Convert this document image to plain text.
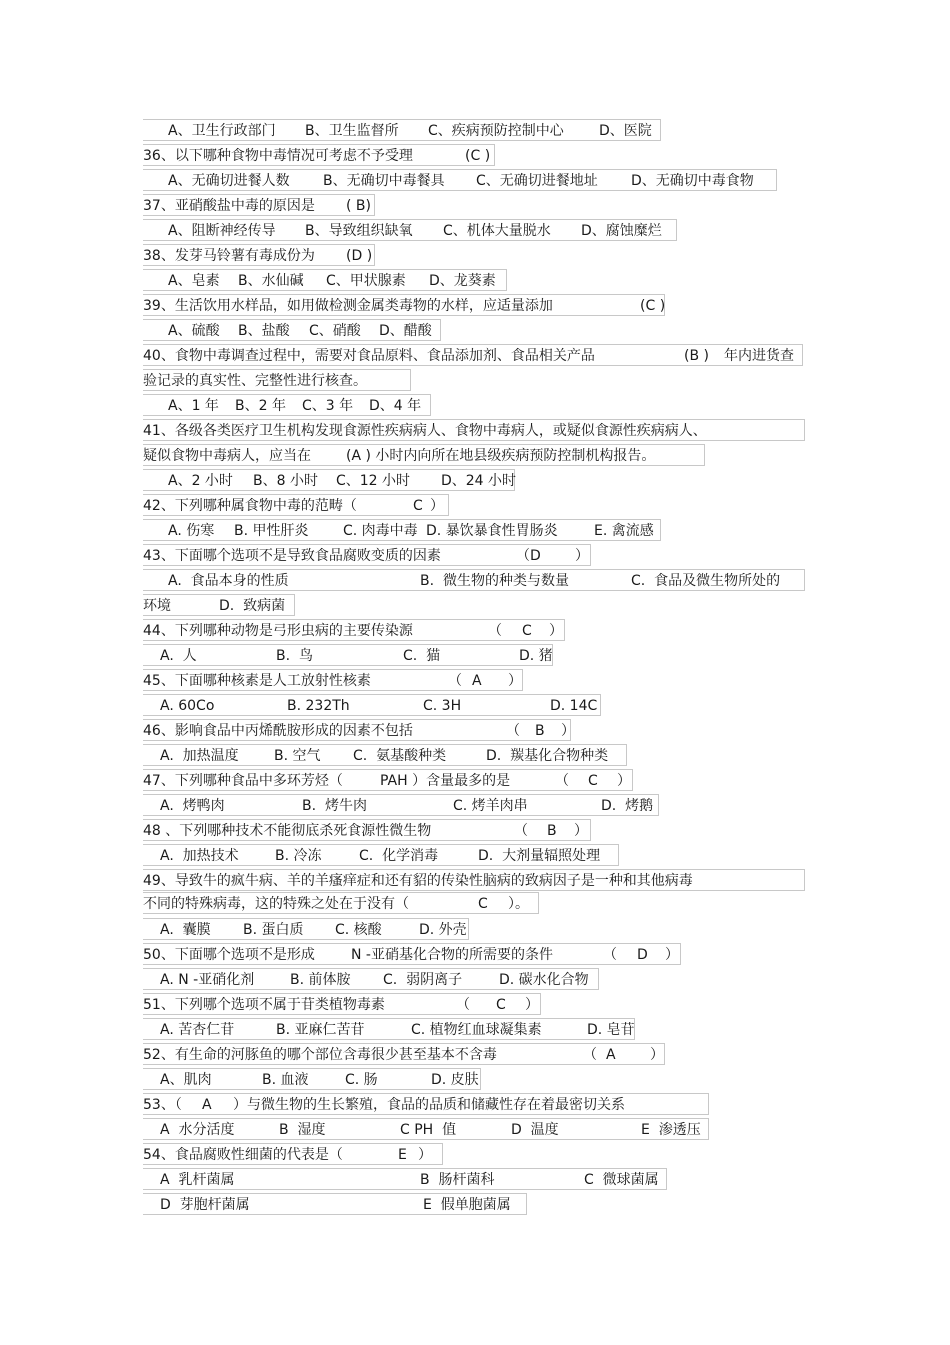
A、卫生行政部门 B、卫生监督所 C、疾病预防控制中心	D、医院
36、以下哪种食物中毒情况可考虑不予受理	(C )
A、无确切进餐人数 B、无确切中毒餐具 C、无确切进餐地址 D、无确切中毒食物
37、亚硝酸盐中毒的原因是 ( B)
A、阻断神经传导 B、导致组织缺氧 C、机体大量脱水 D、腐蚀糜烂
38、发芽马铃薯有毒成份为 (D )
A、皂素 B、水仙碱 C、甲状腺素 D、龙葵素
39、生活饮用水样品，如用做检测金属类毒物的水样，应适量添加	(C )
A、硫酸 B、盐酸 C、硝酸 D、醋酸
40、食物中毒调查过程中，需要对食品原料、食品添加剂、食品相关产品	(B ) 年内进货查
验记录的真实性、完整性进行核查。
A、1 年 B、2 年 C、3 年 D、4 年
41、各级各类医疗卫生机构发现食源性疾病病人、食物中毒病人，或疑似食源性疾病病人、
疑似食物中毒病人，应当在	(A ) 小时内向所在地县级疾病预防控制机构报告。
A、2 小时 B、8 小时 C、12 小时 D、24 小时
42、下列哪种属食物中毒的范畴（	C ）
A. 伤寒 B. 甲性肝炎 C. 肉毒中毒 D. 暴饮暴食性胃肠炎	E. 禽流感
43、下面哪个选项不是导致食品腐败变质的因素	（ D ）
A.  食品本身的性质	B.  微生物的种类与数量	C.  食品及微生物所处的
环境	D.  致病菌
44、下列哪种动物是弓形虫病的主要传染源	（ C ）
A.  人	B.  鸟	C.  猫	D. 猪
45、下面哪种核素是人工放射性核素	（ A ）
A. 60Co	B. 232Th	C. 3H	D. 14C
46、影响食品中丙烯酰胺形成的因素不包括	（ B ）
A.  加热温度	B. 空气 C.  氨基酸种类	D.  羰基化合物种类
47、下列哪种食品中多环芳烃（	PAH ）含量最多的是	（ C ）
A.  烤鸭肉	B.  烤牛肉	C. 烤羊肉串	D.  烤鹅
48 、下列哪种技术不能彻底杀死食源性微生物	（ B ）
A.  加热技术	B. 冷冻	C.  化学消毒	D.  大剂量辐照处理
49、导致牛的疯牛病、羊的羊瘙痒症和还有貂的传染性脑病的致病因子是一种和其他病毒
不同的特殊病毒，这的特殊之处在于没有（	C ）。
A.  囊膜 B. 蛋白质 C. 核酸	D. 外壳
50、下面哪个选项不是形成	N -亚硝基化合物的所需要的条件	（ D ）
A. N -亚硝化剂	B. 前体胺 C.  弱阴离子	D. 碳水化合物
51、下列哪个选项不属于苷类植物毒素	（ C ）
A. 苦杏仁苷	B. 亚麻仁苦苷	C. 植物红血球凝集素	D. 皂苷
52、有生命的河豚鱼的哪个部位含毒很少甚至基本不含毒	（ A ）
A、肌肉	B. 血液	C. 肠	D. 皮肤
53、（ A ）与微生物的生长繁殖，食品的品质和储藏性存在着最密切关系
A  水分活度	B  湿度	C PH  值	D  温度	E  渗透压
54、食品腐败性细菌的代表是（	E ）
A  乳杆菌属	B  肠杆菌科	C  微球菌属
D  芽胞杆菌属	E  假单胞菌属
